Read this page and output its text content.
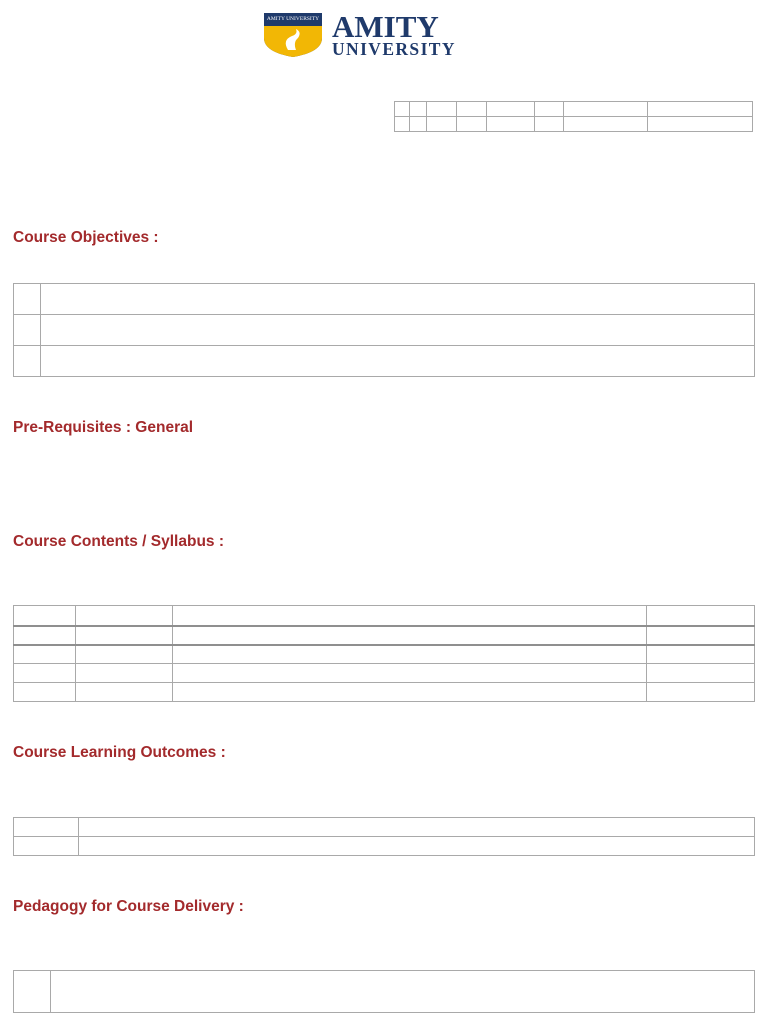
AMITY UNIVERSITY AMITY
UNIVERSITY

Course Objectives :

Pre-Requisites : General
Course Contents / Syllabus :

Course Learning Outcomes :

Pedagogy for Course Delivery :
